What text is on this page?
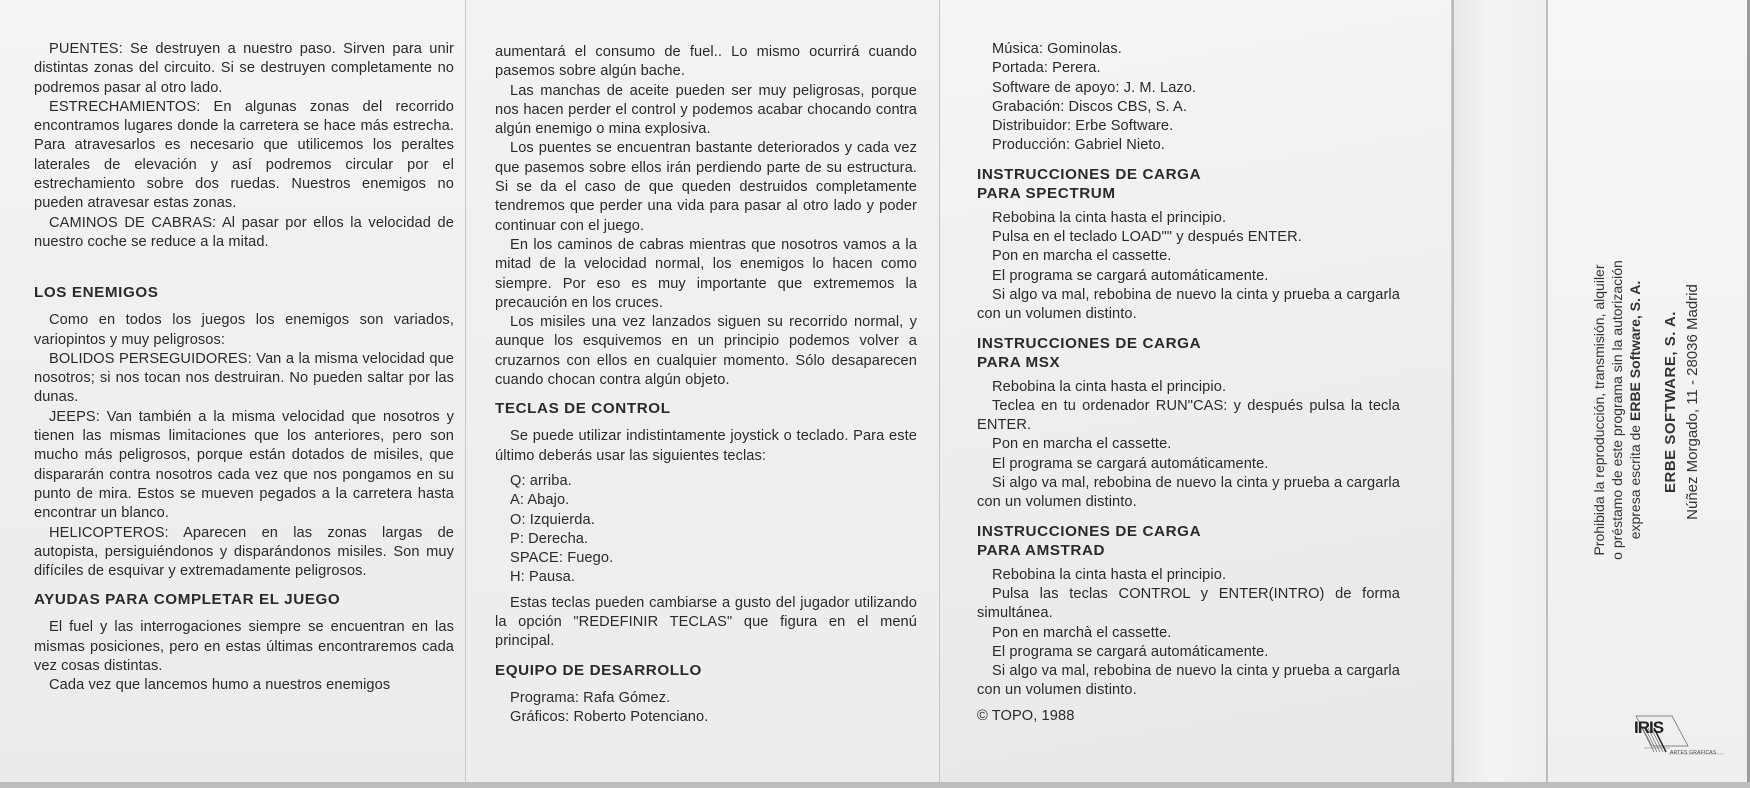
PUENTES: Se destruyen a nuestro paso. Sirven para unir distintas zonas del circuito. Si se destruyen completamente no podremos pasar al otro lado.

ESTRECHAMIENTOS: En algunas zonas del recorrido encontramos lugares donde la carretera se hace más estrecha. Para atravesarlos es necesario que utilicemos los peraltes laterales de elevación y así podremos circular por el estrechamiento sobre dos ruedas. Nuestros enemigos no pueden atravesar estas zonas.

CAMINOS DE CABRAS: Al pasar por ellos la velocidad de nuestro coche se reduce a la mitad.

LOS ENEMIGOS

Como en todos los juegos los enemigos son variados, variopintos y muy peligrosos:

BOLIDOS PERSEGUIDORES: Van a la misma velocidad que nosotros; si nos tocan nos destruiran. No pueden saltar por las dunas.

JEEPS: Van también a la misma velocidad que nosotros y tienen las mismas limitaciones que los anteriores, pero son mucho más peligrosos, porque están dotados de misiles, que dispararán contra nosotros cada vez que nos pongamos en su punto de mira. Estos se mueven pegados a la carretera hasta encontrar un blanco.

HELICOPTEROS: Aparecen en las zonas largas de autopista, persiguiéndonos y disparándonos misiles. Son muy difíciles de esquivar y extremadamente peligrosos.

AYUDAS PARA COMPLETAR EL JUEGO

El fuel y las interrogaciones siempre se encuentran en las mismas posiciones, pero en estas últimas encontraremos cada vez cosas distintas.

Cada vez que lancemos humo a nuestros enemigos

aumentará el consumo de fuel.. Lo mismo ocurrirá cuando pasemos sobre algún bache.

Las manchas de aceite pueden ser muy peligrosas, porque nos hacen perder el control y podemos acabar chocando contra algún enemigo o mina explosiva.

Los puentes se encuentran bastante deteriorados y cada vez que pasemos sobre ellos irán perdiendo parte de su estructura. Si se da el caso de que queden destruidos completamente tendremos que perder una vida para pasar al otro lado y poder continuar con el juego.

En los caminos de cabras mientras que nosotros vamos a la mitad de la velocidad normal, los enemigos lo hacen como siempre. Por eso es muy importante que extrememos la precaución en los cruces.

Los misiles una vez lanzados siguen su recorrido normal, y aunque los esquivemos en un principio podemos volver a cruzarnos con ellos en cualquier momento. Sólo desaparecen cuando chocan contra algún objeto.

TECLAS DE CONTROL

Se puede utilizar indistintamente joystick o teclado. Para este último deberás usar las siguientes teclas:

Q: arriba.

A: Abajo.

O: Izquierda.

P: Derecha.

SPACE: Fuego.

H: Pausa.

Estas teclas pueden cambiarse a gusto del jugador utilizando la opción "REDEFINIR TECLAS" que figura en el menú principal.

EQUIPO DE DESARROLLO

Programa: Rafa Gómez.

Gráficos: Roberto Potenciano.

Música: Gominolas.

Portada: Perera.

Software de apoyo: J. M. Lazo.

Grabación: Discos CBS, S. A.

Distribuidor: Erbe Software.

Producción: Gabriel Nieto.

INSTRUCCIONES DE CARGA
PARA SPECTRUM

Rebobina la cinta hasta el principio.

Pulsa en el teclado LOAD"" y después ENTER.

Pon en marcha el cassette.

El programa se cargará automáticamente.

Si algo va mal, rebobina de nuevo la cinta y prueba a cargarla con un volumen distinto.

INSTRUCCIONES DE CARGA
PARA MSX

Rebobina la cinta hasta el principio.

Teclea en tu ordenador RUN"CAS: y después pulsa la tecla ENTER.

Pon en marcha el cassette.

El programa se cargará automáticamente.

Si algo va mal, rebobina de nuevo la cinta y prueba a cargarla con un volumen distinto.

INSTRUCCIONES DE CARGA
PARA AMSTRAD

Rebobina la cinta hasta el principio.

Pulsa las teclas CONTROL y ENTER(INTRO) de forma simultánea.

Pon en marchà el cassette.

El programa se cargará automáticamente.

Si algo va mal, rebobina de nuevo la cinta y prueba a cargarla con un volumen distinto.

© TOPO, 1988

Prohibida la reproducción, transmisión, alquiler o préstamo de este programa sin la autorización expresa escrita de ERBE Software, S. A. ERBE SOFTWARE, S. A. Núñez Morgado, 11 - 28036 Madrid
IRIS
ARTES GRAFICAS
